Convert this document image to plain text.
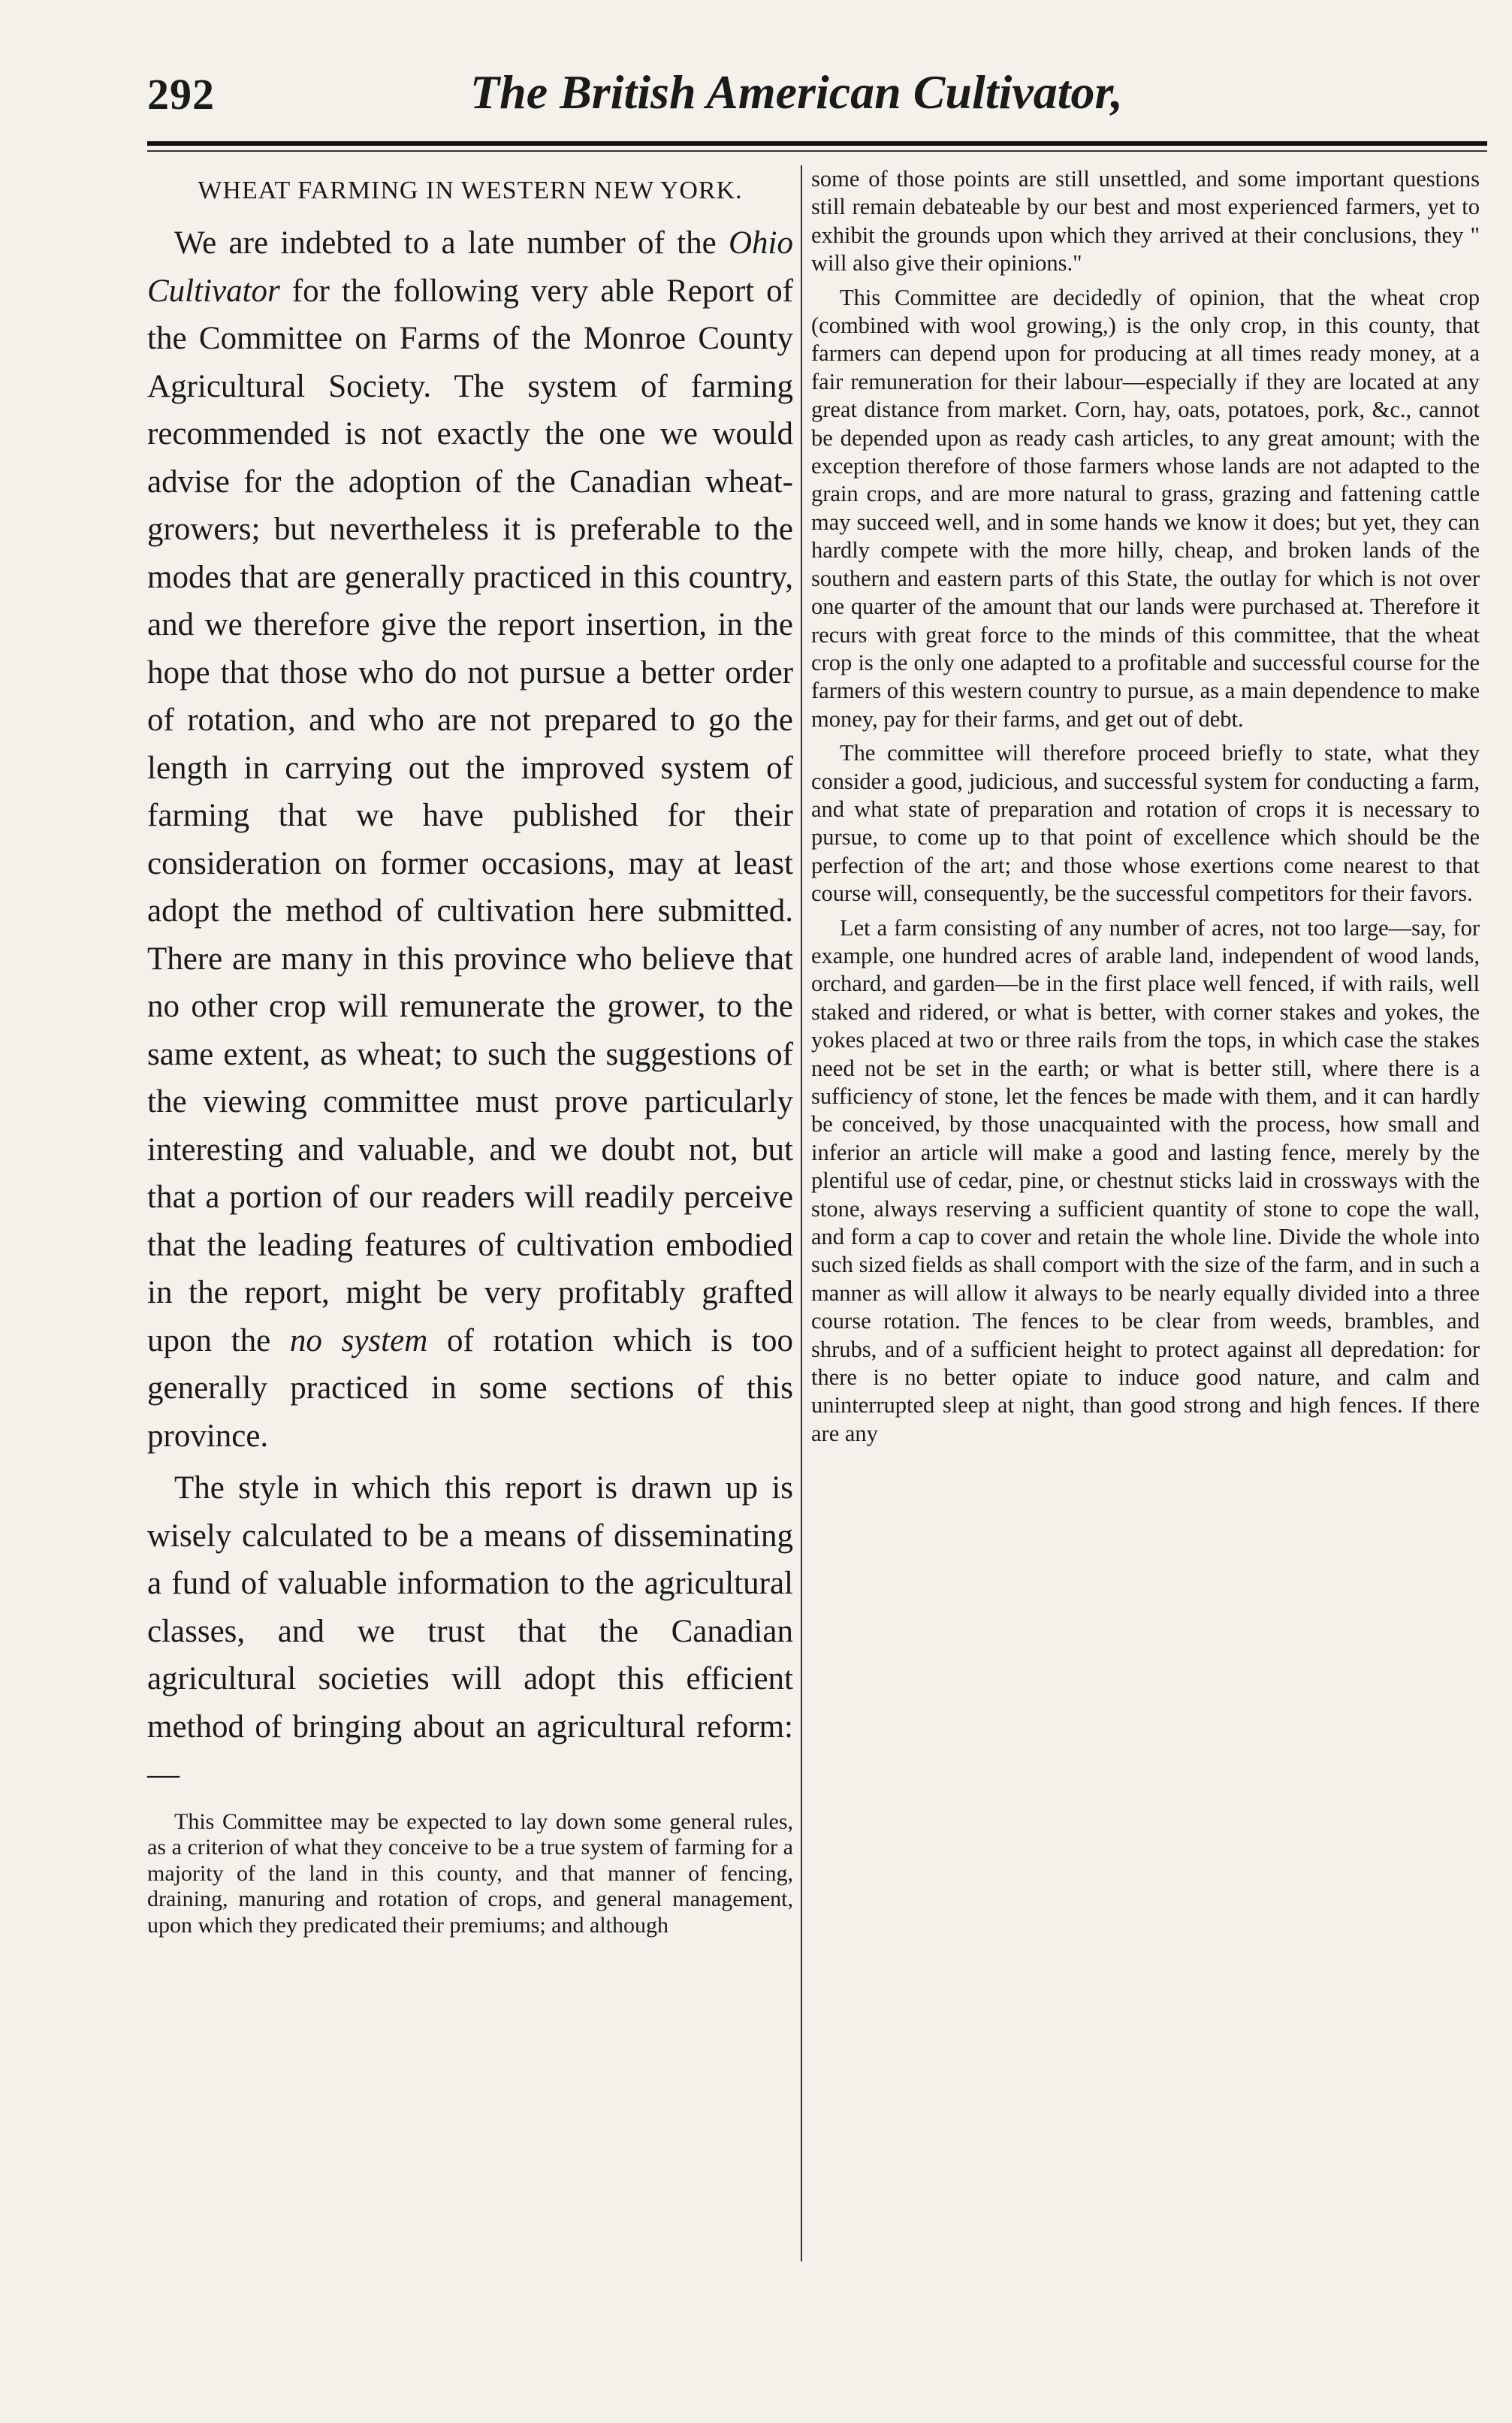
292	The British American Cultivator,
WHEAT FARMING IN WESTERN NEW YORK.

We are indebted to a late number of the Ohio Cultivator for the following very able Report of the Committee on Farms of the Monroe County Agricultural Society. The system of farming recommended is not exactly the one we would advise for the adoption of the Canadian wheat-growers; but nevertheless it is preferable to the modes that are generally practiced in this country, and we therefore give the report insertion, in the hope that those who do not pursue a better order of rotation, and who are not prepared to go the length in carrying out the improved system of farming that we have published for their consideration on former occasions, may at least adopt the method of cultivation here submitted. There are many in this province who believe that no other crop will remunerate the grower, to the same extent, as wheat; to such the suggestions of the viewing committee must prove particularly interesting and valuable, and we doubt not, but that a portion of our readers will readily perceive that the leading features of cultivation embodied in the report, might be very profitably grafted upon the no system of rotation which is too generally practiced in some sections of this province.

The style in which this report is drawn up is wisely calculated to be a means of disseminating a fund of valuable information to the agricultural classes, and we trust that the Canadian agricultural societies will adopt this efficient method of bringing about an agricultural reform:—

This Committee may be expected to lay down some general rules, as a criterion of what they conceive to be a true system of farming for a majority of the land in this county, and that manner of fencing, draining, manuring and rotation of crops, and general management, upon which they predicated their premiums; and although

some of those points are still unsettled, and some important questions still remain debateable by our best and most experienced farmers, yet to exhibit the grounds upon which they arrived at their conclusions, they " will also give their opinions."

This Committee are decidedly of opinion, that the wheat crop (combined with wool growing,) is the only crop, in this county, that farmers can depend upon for producing at all times ready money, at a fair remuneration for their labour—especially if they are located at any great distance from market. Corn, hay, oats, potatoes, pork, &c., cannot be depended upon as ready cash articles, to any great amount; with the exception therefore of those farmers whose lands are not adapted to the grain crops, and are more natural to grass, grazing and fattening cattle may succeed well, and in some hands we know it does; but yet, they can hardly compete with the more hilly, cheap, and broken lands of the southern and eastern parts of this State, the outlay for which is not over one quarter of the amount that our lands were purchased at. Therefore it recurs with great force to the minds of this committee, that the wheat crop is the only one adapted to a profitable and successful course for the farmers of this western country to pursue, as a main dependence to make money, pay for their farms, and get out of debt.

The committee will therefore proceed briefly to state, what they consider a good, judicious, and successful system for conducting a farm, and what state of preparation and rotation of crops it is necessary to pursue, to come up to that point of excellence which should be the perfection of the art; and those whose exertions come nearest to that course will, consequently, be the successful competitors for their favors.

Let a farm consisting of any number of acres, not too large—say, for example, one hundred acres of arable land, independent of wood lands, orchard, and garden—be in the first place well fenced, if with rails, well staked and ridered, or what is better, with corner stakes and yokes, the yokes placed at two or three rails from the tops, in which case the stakes need not be set in the earth; or what is better still, where there is a sufficiency of stone, let the fences be made with them, and it can hardly be conceived, by those unacquainted with the process, how small and inferior an article will make a good and lasting fence, merely by the plentiful use of cedar, pine, or chestnut sticks laid in crossways with the stone, always reserving a sufficient quantity of stone to cope the wall, and form a cap to cover and retain the whole line. Divide the whole into such sized fields as shall comport with the size of the farm, and in such a manner as will allow it always to be nearly equally divided into a three course rotation. The fences to be clear from weeds, brambles, and shrubs, and of a sufficient height to protect against all depredation: for there is no better opiate to induce good nature, and calm and uninterrupted sleep at night, than good strong and high fences. If there are any
